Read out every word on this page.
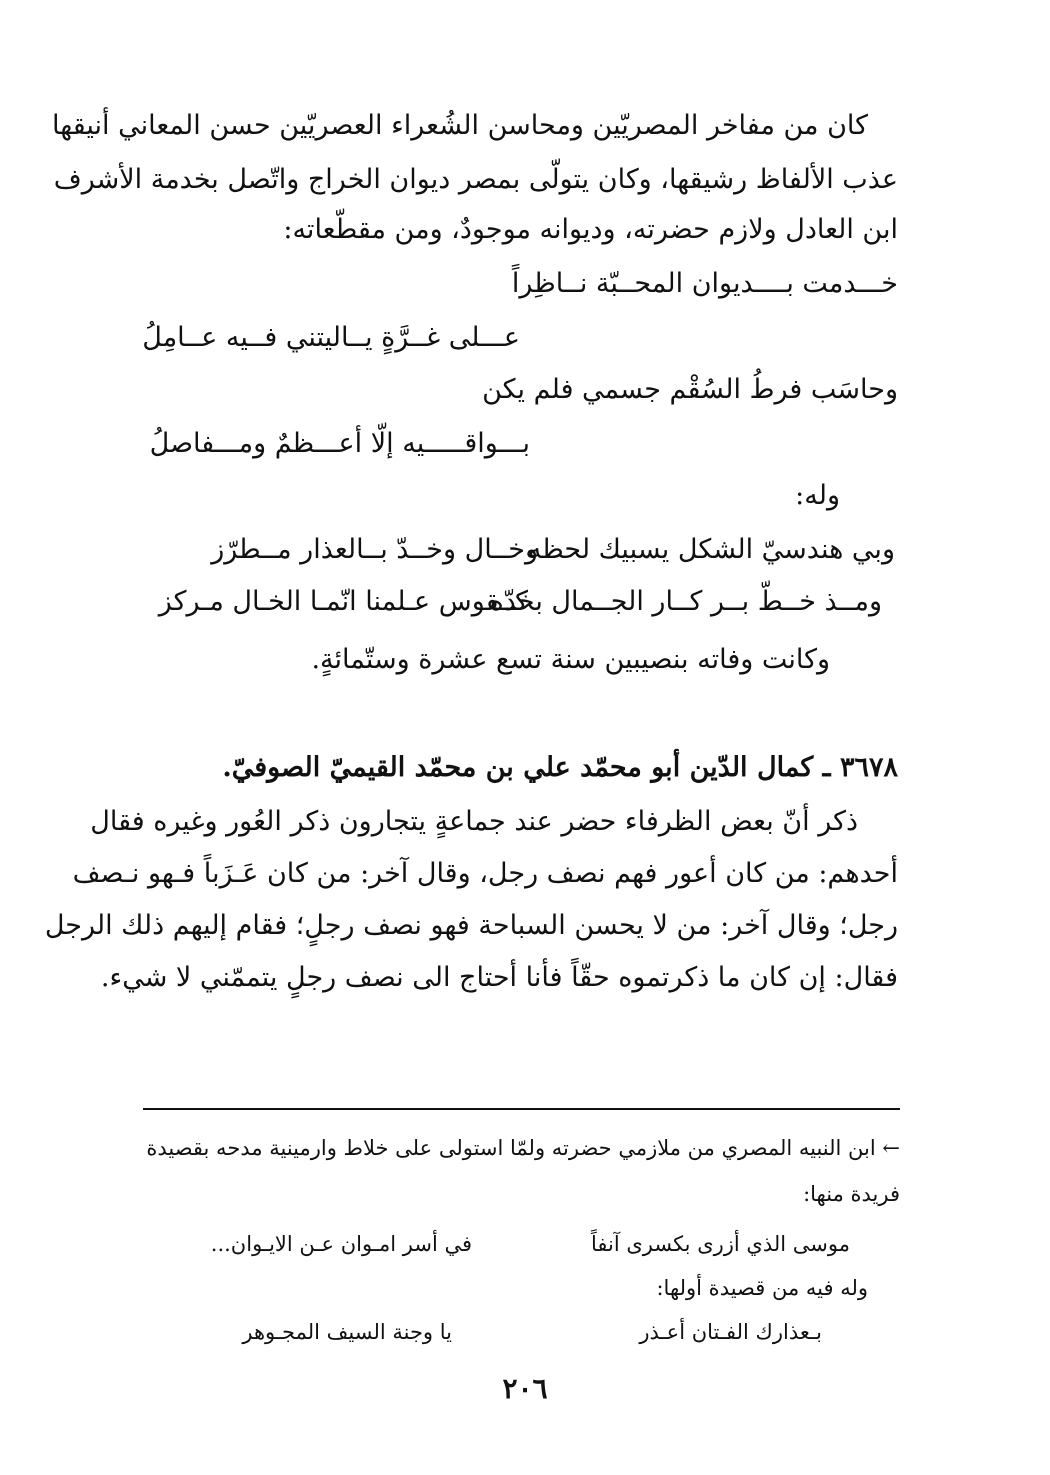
كان من مفاخر المصريّين ومحاسن الشُعراء العصريّين حسن المعاني أنيقها
عذب الألفاظ رشيقها، وكان يتولّى بمصر ديوان الخراج واتّصل بخدمة الأشرف
ابن العادل ولازم حضرته، وديوانه موجودٌ، ومن مقطّعاته:
خـــدمت بــــديوان المحــبّة نــاظِراً
عـــلى غــرَّةٍ يــاليتني فــيه عــامِلُ
وحاسَب فرطُ السُقْم جسمي فلم يكن
بـــواقـــــيه إلّا أعـــظمٌ ومـــفاصلُ
وله:
وبي هندسيّ الشكل يسبيك لحظه
وخــال وخــدّ بــالعذار مــطرّز
ومــذ خــطّ بــر كــار الجــمال بخدّه
كــقوس عـلمنا انّمـا الخـال مـركز
وكانت وفاته بنصيبين سنة تسع عشرة وستّمائةٍ.
٣٦٧٨ ـ كمال الدّين أبو محمّد علي بن محمّد القيميّ الصوفيّ.
ذكر أنّ بعض الظرفاء حضر عند جماعةٍ يتجارون ذكر العُور وغيره فقال
أحدهم: من كان أعور فهم نصف رجل، وقال آخر: من كان عَـزَباً فـهو نـصف
رجل؛ وقال آخر: من لا يحسن السباحة فهو نصف رجلٍ؛ فقام إليهم ذلك الرجل
فقال: إن كان ما ذكرتموه حقّاً فأنا أحتاج الى نصف رجلٍ يتممّني لا شيء.
← ابن النبيه المصري من ملازمي حضرته ولمّا استولى على خلاط وارمينية مدحه بقصيدة
فريدة منها:
موسى الذي أزرى بكسرى آنفاً
في أسر امـوان عـن الايـوان...
وله فيه من قصيدة أولها:
بـعذارك الفـتان أعـذر
يا وجنة السيف المجـوهر
٢٠٦
